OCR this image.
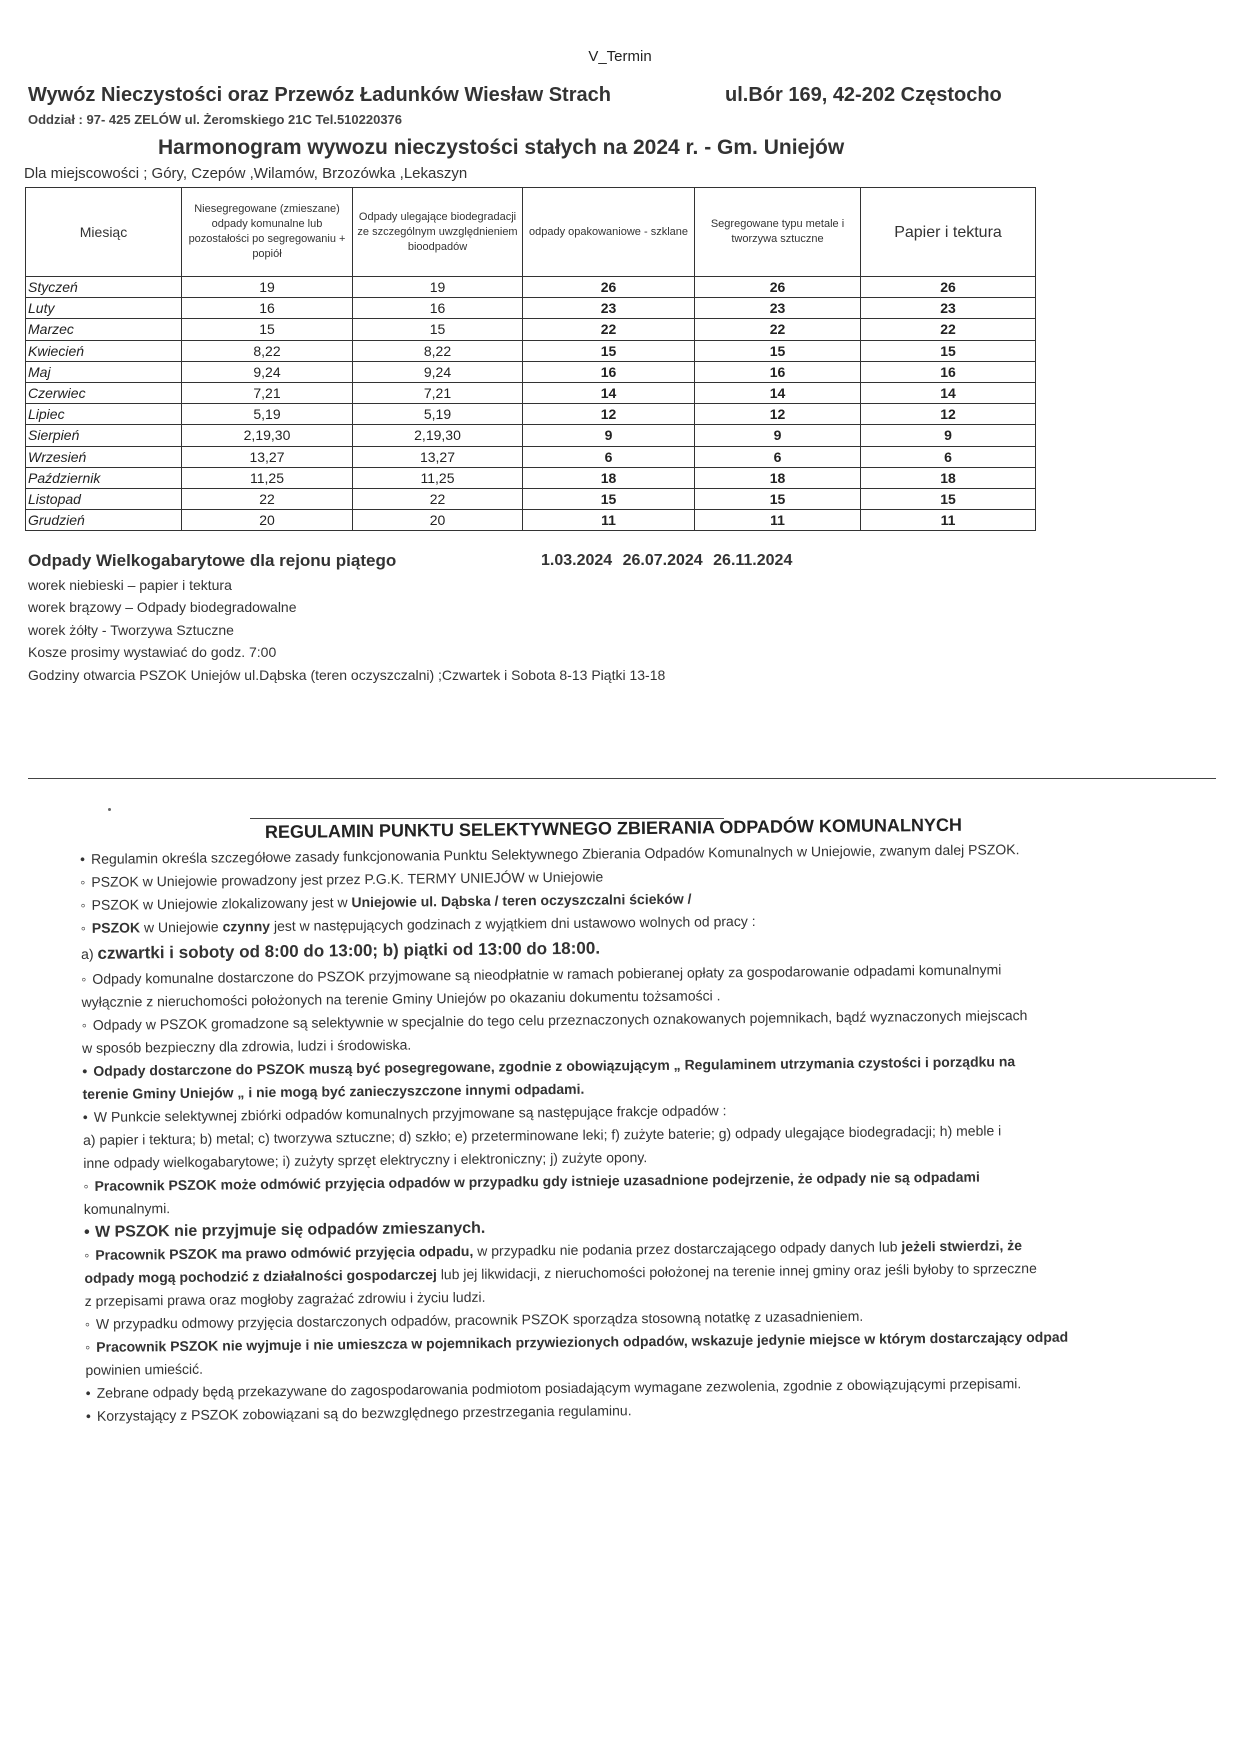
V_Termin
Wywóz Nieczystości oraz Przewóz Ładunków Wiesław Strach	ul.Bór 169, 42-202 Częstocho
Oddział : 97- 425 ZELÓW ul. Żeromskiego 21C Tel.510220376
Harmonogram wywozu nieczystości stałych na 2024 r. - Gm. Uniejów
Dla miejscowości ; Góry, Czepów ,Wilamów, Brzozówka ,Lekaszyn
Miesiąc	Niesegregowane (zmieszane) odpady komunalne lub pozostałości po segregowaniu + popiół	Odpady ulegające biodegradacji ze szczególnym uwzględnieniem bioodpadów	odpady opakowaniowe - szklane	Segregowane typu metale i tworzywa sztuczne	Papier i tektura
Styczeń	19	19	26	26	26
Luty	16	16	23	23	23
Marzec	15	15	22	22	22
Kwiecień	8,22	8,22	15	15	15
Maj	9,24	9,24	16	16	16
Czerwiec	7,21	7,21	14	14	14
Lipiec	5,19	5,19	12	12	12
Sierpień	2,19,30	2,19,30	9	9	9
Wrzesień	13,27	13,27	6	6	6
Październik	11,25	11,25	18	18	18
Listopad	22	22	15	15	15
Grudzień	20	20	11	11	11
Odpady Wielkogabarytowe dla rejonu piątego	1.03.2024 26.07.2024 26.11.2024
worek niebieski – papier i tektura
worek brązowy – Odpady biodegradowalne
worek żółty - Tworzywa Sztuczne
Kosze prosimy wystawiać do godz. 7:00
Godziny otwarcia PSZOK Uniejów ul.Dąbska (teren oczyszczalni) ;Czwartek i Sobota 8-13 Piątki 13-18
REGULAMIN PUNKTU SELEKTYWNEGO ZBIERANIA ODPADÓW KOMUNALNYCH

• Regulamin określa szczegółowe zasady funkcjonowania Punktu Selektywnego Zbierania Odpadów Komunalnych w Uniejowie, zwanym dalej PSZOK.

◦ PSZOK w Uniejowie prowadzony jest przez P.G.K. TERMY UNIEJÓW w Uniejowie

◦ PSZOK w Uniejowie zlokalizowany jest w Uniejowie ul. Dąbska / teren oczyszczalni ścieków /

◦ PSZOK w Uniejowie czynny jest w następujących godzinach z wyjątkiem dni ustawowo wolnych od pracy :

a) czwartki i soboty od 8:00 do 13:00; b) piątki od 13:00 do 18:00.

◦ Odpady komunalne dostarczone do PSZOK przyjmowane są nieodpłatnie w ramach pobieranej opłaty za gospodarowanie odpadami komunalnymi

wyłącznie z nieruchomości położonych na terenie Gminy Uniejów po okazaniu dokumentu tożsamości .

◦ Odpady w PSZOK gromadzone są selektywnie w specjalnie do tego celu przeznaczonych oznakowanych pojemnikach, bądź wyznaczonych miejscach

w sposób bezpieczny dla zdrowia, ludzi i środowiska.

• Odpady dostarczone do PSZOK muszą być posegregowane, zgodnie z obowiązującym „ Regulaminem utrzymania czystości i porządku na

terenie Gminy Uniejów „ i nie mogą być zanieczyszczone innymi odpadami.

• W Punkcie selektywnej zbiórki odpadów komunalnych przyjmowane są następujące frakcje odpadów :

a) papier i tektura; b) metal; c) tworzywa sztuczne; d) szkło; e) przeterminowane leki; f) zużyte baterie; g) odpady ulegające biodegradacji; h) meble i

inne odpady wielkogabarytowe; i) zużyty sprzęt elektryczny i elektroniczny; j) zużyte opony.

◦ Pracownik PSZOK może odmówić przyjęcia odpadów w przypadku gdy istnieje uzasadnione podejrzenie, że odpady nie są odpadami

komunalnymi.

• W PSZOK nie przyjmuje się odpadów zmieszanych.

◦ Pracownik PSZOK ma prawo odmówić przyjęcia odpadu, w przypadku nie podania przez dostarczającego odpady danych lub jeżeli stwierdzi, że

odpady mogą pochodzić z działalności gospodarczej lub jej likwidacji, z nieruchomości położonej na terenie innej gminy oraz jeśli byłoby to sprzeczne

z przepisami prawa oraz mogłoby zagrażać zdrowiu i życiu ludzi.

◦ W przypadku odmowy przyjęcia dostarczonych odpadów, pracownik PSZOK sporządza stosowną notatkę z uzasadnieniem.

◦ Pracownik PSZOK nie wyjmuje i nie umieszcza w pojemnikach przywiezionych odpadów, wskazuje jedynie miejsce w którym dostarczający odpad

powinien umieścić.

• Zebrane odpady będą przekazywane do zagospodarowania podmiotom posiadającym wymagane zezwolenia, zgodnie z obowiązującymi przepisami.

• Korzystający z PSZOK zobowiązani są do bezwzględnego przestrzegania regulaminu.
